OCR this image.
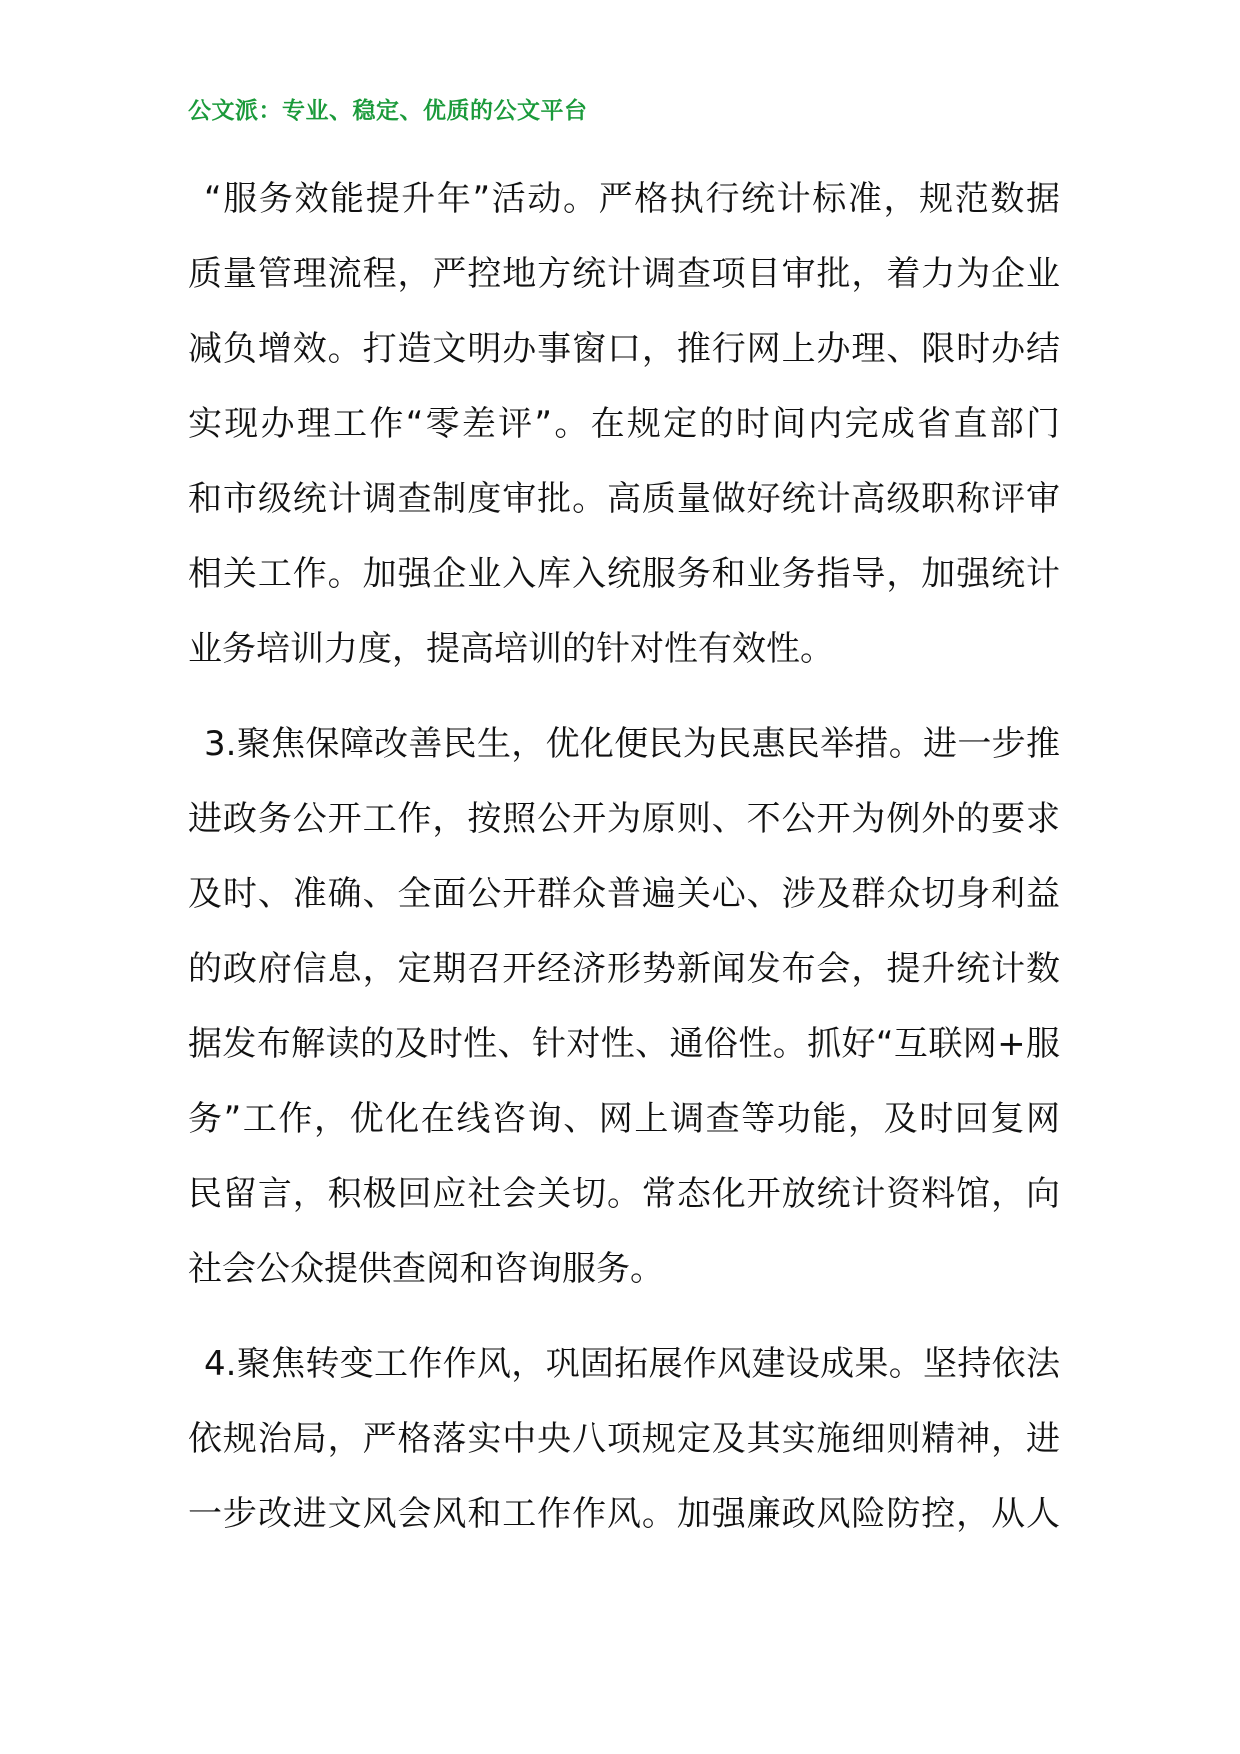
公文派：专业、稳定、优质的公文平台
“服务效能提升年”活动。严格执行统计标准，规范数据
质量管理流程，严控地方统计调查项目审批，着力为企业
减负增效。打造文明办事窗口，推行网上办理、限时办结
实现办理工作“零差评”。在规定的时间内完成省直部门
和市级统计调查制度审批。高质量做好统计高级职称评审
相关工作。加强企业入库入统服务和业务指导，加强统计
业务培训力度，提高培训的针对性有效性。
3.聚焦保障改善民生，优化便民为民惠民举措。进一步推
进政务公开工作，按照公开为原则、不公开为例外的要求
及时、准确、全面公开群众普遍关心、涉及群众切身利益
的政府信息，定期召开经济形势新闻发布会，提升统计数
据发布解读的及时性、针对性、通俗性。抓好“互联网+服
务”工作，优化在线咨询、网上调查等功能，及时回复网
民留言，积极回应社会关切。常态化开放统计资料馆，向
社会公众提供查阅和咨询服务。
4.聚焦转变工作作风，巩固拓展作风建设成果。坚持依法
依规治局，严格落实中央八项规定及其实施细则精神，进
一步改进文风会风和工作作风。加强廉政风险防控，从人
